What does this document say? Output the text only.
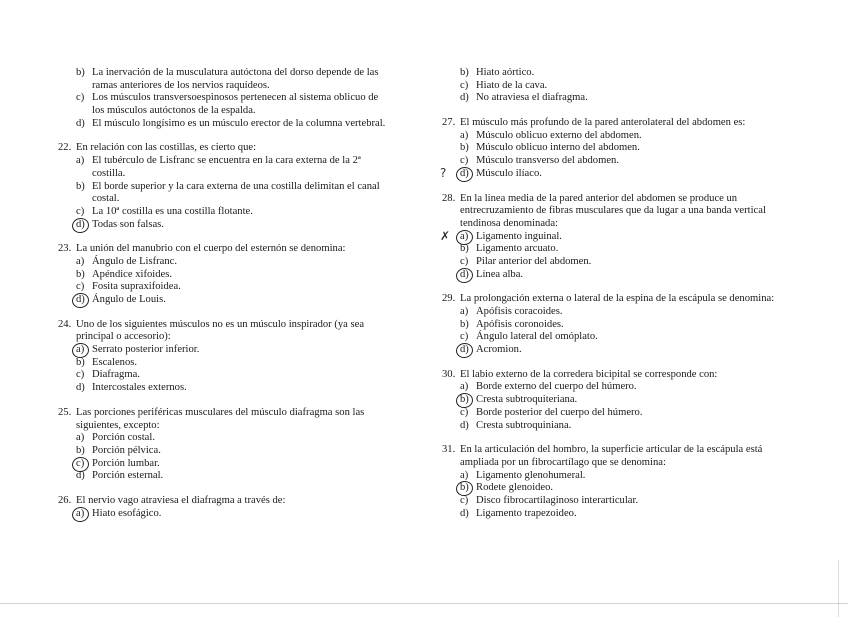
b) La inervación de la musculatura autóctona del dorso depende de las
ramas anteriores de los nervios raquídeos.
c) Los músculos transversoespinosos pertenecen al sistema oblicuo de
los músculos autóctonos de la espalda.
d) El músculo longísimo es un músculo erector de la columna vertebral.
22. En relación con las costillas, es cierto que:
a) El tubérculo de Lisfranc se encuentra en la cara externa de la 2ª
costilla.
b) El borde superior y la cara externa de una costilla delimitan el canal
costal.
c) La 10ª costilla es una costilla flotante.
d) Todas son falsas.
23. La unión del manubrio con el cuerpo del esternón se denomina:
a) Ángulo de Lisfranc.
b) Apéndice xifoides.
c) Fosita supraxifoidea.
d) Ángulo de Louis.
24. Uno de los siguientes músculos no es un músculo inspirador (ya sea
principal o accesorio):
a) Serrato posterior inferior.
b) Escalenos.
c) Diafragma.
d) Intercostales externos.
25. Las porciones periféricas musculares del músculo diafragma son las
siguientes, excepto:
a) Porción costal.
b) Porción pélvica.
c) Porción lumbar.
d) Porción esternal.
26. El nervio vago atraviesa el diafragma a través de:
a) Hiato esofágico.
b) Hiato aórtico.
c) Hiato de la cava.
d) No atraviesa el diafragma.
27. El músculo más profundo de la pared anterolateral del abdomen es:
a) Músculo oblicuo externo del abdomen.
b) Músculo oblicuo interno del abdomen.
c) Músculo transverso del abdomen.
? d) Músculo ilíaco.
28. En la línea media de la pared anterior del abdomen se produce un
entrecruzamiento de fibras musculares que da lugar a una banda vertical
tendinosa denominada:
✗ a) Ligamento inguinal.
b) Ligamento arcuato.
c) Pilar anterior del abdomen.
d) Línea alba.
29. La prolongación externa o lateral de la espina de la escápula se denomina:
a) Apófisis coracoides.
b) Apófisis coronoides.
c) Ángulo lateral del omóplato.
d) Acromion.
30. El labio externo de la corredera bicipital se corresponde con:
a) Borde externo del cuerpo del húmero.
b) Cresta subtroquiteriana.
c) Borde posterior del cuerpo del húmero.
d) Cresta subtroquiniana.
31. En la articulación del hombro, la superficie articular de la escápula está
ampliada por un fibrocartílago que se denomina:
a) Ligamento glenohumeral.
b) Rodete glenoideo.
c) Disco fibrocartilaginoso interarticular.
d) Ligamento trapezoideo.
